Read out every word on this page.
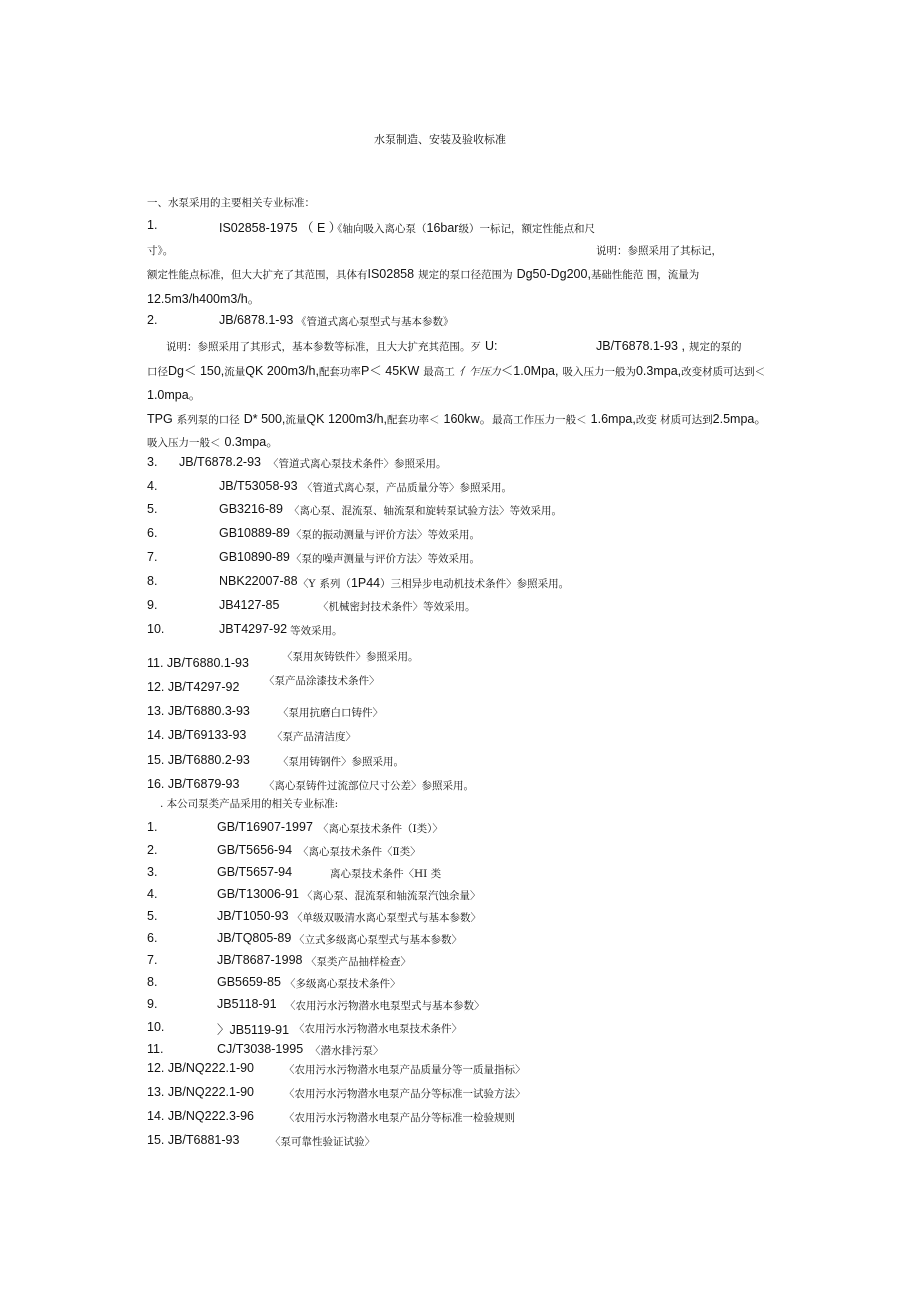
水泵制造、安装及验收标准
一、水泵采用的主要相关专业标准：
1.	IS02858-1975 （ E ）
《轴向吸入离心泵（16bar级）一标记，额定性能点和尺
寸》。	说明：参照采用了其标记，
额定性能点标准，但大大扩充了其范围，具体有IS02858 规定的泵口径范围为 Dg50-Dg200,基础性能范 围，流量为
12.5m3/h400m3/h。
2.	JB/6878.1-93 《管道式离心泵型式与基本参数》
说明：参照采用了其形式，基本参数等标准，且大大扩充其范围。歹 U:	JB/T6878.1-93 , 规定的泵的
口径Dg＜ 150,流量QK 200m3/h,配套功率P＜ 45KW 最高工 亻乍压力＜1.0Mpa, 吸入压力一般为0.3mpa,改变材质可达到＜
1.0mpa。
TPG 系列泵的口径 D* 500,流量QK 1200m3/h,配套功率＜ 160kw。最高工作压力一般＜ 1.6mpa,改变 材质可达到2.5mpa。
吸入压力一般＜ 0.3mpa。
3. JB/T6878.2-93 〈管道式离心泵技术条件〉参照采用。
4.	JB/T53058-93 〈管道式离心泵，产品质量分等〉参照采用。
5.	GB3216-89 〈离心泵、混流泵、轴流泵和旋转泵试验方法〉等效采用。
6.	GB10889-89 〈泵的振动测量与评价方法〉等效采用。
7.	GB10890-89 〈泵的噪声测量与评价方法〉等效采用。
8.	NBK22007-88 〈Y 系列（1P44）三相异步电动机技术条件〉参照采用。
9.	JB4127-85	〈机械密封技术条件〉等效采用。
10.	JBT4297-92 等效采用。
11. JB/T6880.1-93	〈泵用灰铸铁件〉参照采用。
12. JB/T4297-92 〈泵产品涂漆技术条件〉
13. JB/T6880.3-93	〈泵用抗磨白口铸件〉
14. JB/T69133-93 〈泵产品清洁度〉
15. JB/T6880.2-93	〈泵用铸钢件〉参照采用。
16. JB/T6879-93 〈离心泵铸件过流部位尺寸公差〉参照采用。
. 本公司泵类产品采用的相关专业标准:
1.	GB/T16907-1997 〈离心泵技术条件（Ⅰ类）〉
2.	GB/T5656-94 〈离心泵技术条件〈Ⅱ类〉
3.	GB/T5657-94	离心泵技术条件〈HI 类
4.	GB/T13006-91 〈离心泵、混流泵和轴流泵汽蚀余量〉
5.	JB/T1050-93 〈单级双吸清水离心泵型式与基本参数〉
6.	JB/TQ805-89 〈立式多级离心泵型式与基本参数〉
7.	JB/T8687-1998 〈泵类产品抽样检查〉
8.	GB5659-85 〈多级离心泵技术条件〉
9.	JB5118-91 〈农用污水污物潜水电泵型式与基本参数〉
10.	〉JB5119-91 〈农用污水污物潜水电泵技术条件〉
11.	CJ/T3038-1995 〈潜水排污泵〉
12. JB/NQ222.1-90	〈农用污水污物潜水电泵产品质量分等一质量指标〉
13. JB/NQ222.1-90	〈农用污水污物潜水电泵产品分等标准一试验方法〉
14. JB/NQ222.3-96	〈农用污水污物潜水电泵产品分等标准一检验规则
15. JB/T6881-93	〈泵可靠性验证试验〉
